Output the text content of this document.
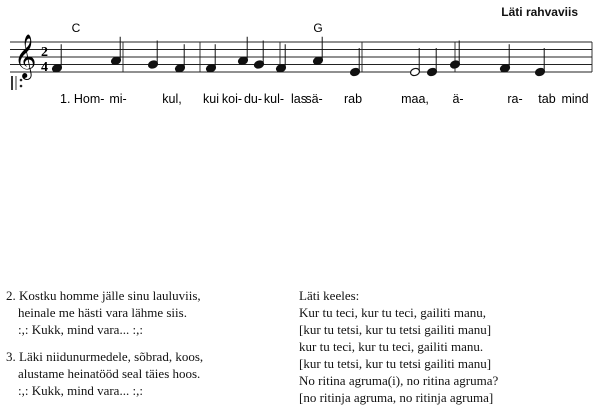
Läti rahvaviis
𝄞 2
4
C	G
1. Hom- mi-	kul, kui koi- du- kul- las
sä- rab	maa, ä-	ra- tab mind
2. Kostku homme jälle sinu lauluviis,
heinale me hästi vara lähme siis.
:,: Kukk, mind vara... :,:
3. Läki niidunurmedele, sõbrad, koos,
alustame heinatööd seal täies hoos.
:,: Kukk, mind vara... :,:
Läti keeles:
Kur tu teci, kur tu teci, gailiti manu,
[kur tu tetsi, kur tu tetsi gailiti manu]
kur tu teci, kur tu teci, gailiti manu.
[kur tu tetsi, kur tu tetsi gailiti manu]
No ritina agruma(i), no ritina agruma?
[no ritinja agruma, no ritinja agruma]
